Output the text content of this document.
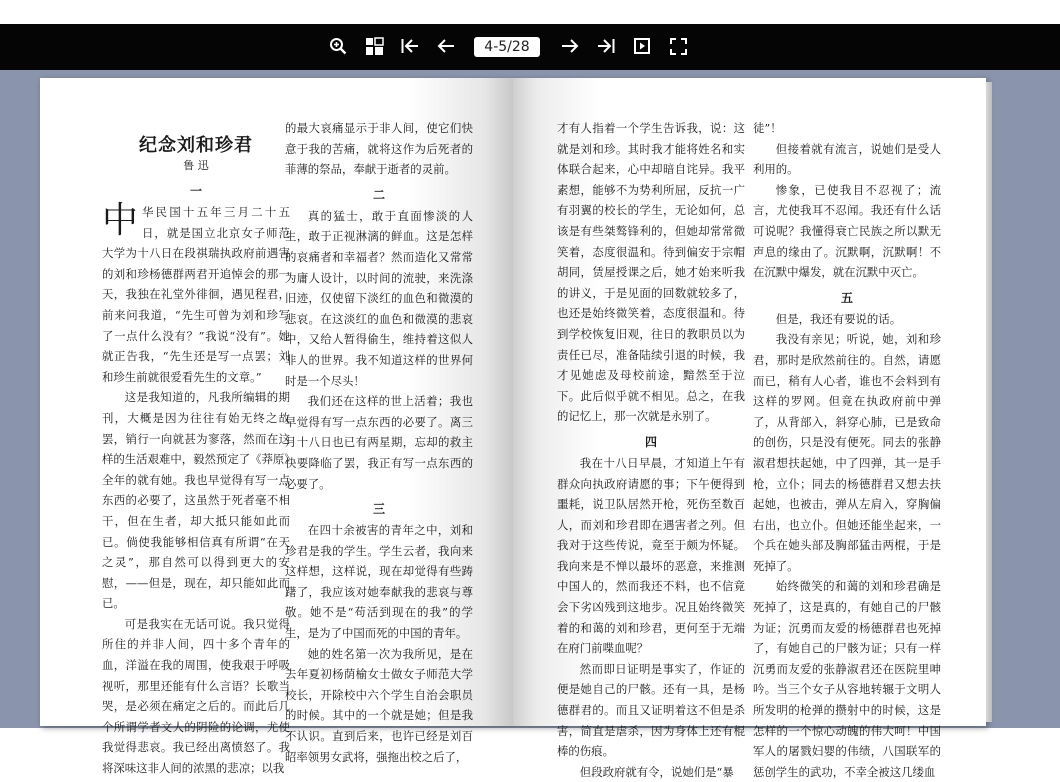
4-5/28
纪念刘和珍君
鲁 迅
一

中华民国十五年三月二十五日，就是国立北京女子师范大学为十八日在段祺瑞执政府前遇害的刘和珍杨德群两君开追悼会的那一天，我独在礼堂外徘徊，遇见程君，前来问我道，“先生可曾为刘和珍写了一点什么没有？”我说“没有”。她就正告我，“先生还是写一点罢；刘和珍生前就很爱看先生的文章。”

这是我知道的，凡我所编辑的期刊，大概是因为往往有始无终之故罢，销行一向就甚为寥落，然而在这样的生活艰难中，毅然预定了《莽原》全年的就有她。我也早觉得有写一点东西的必要了，这虽然于死者毫不相干，但在生者，却大抵只能如此而已。倘使我能够相信真有所谓“在天之灵”，那自然可以得到更大的安慰，——但是，现在，却只能如此而已。

可是我实在无话可说。我只觉得所住的并非人间，四十多个青年的血，洋溢在我的周围，使我艰于呼吸视听，那里还能有什么言语？长歌当哭，是必须在痛定之后的。而此后几个所谓学者文人的阴险的论调，尤使我觉得悲哀。我已经出离愤怒了。我将深味这非人间的浓黑的悲凉；以我

的最大哀痛显示于非人间，使它们快意于我的苦痛，就将这作为后死者的菲薄的祭品，奉献于逝者的灵前。

二

真的猛士，敢于直面惨淡的人生，敢于正视淋漓的鲜血。这是怎样的哀痛者和幸福者？然而造化又常常为庸人设计，以时间的流驶，来洗涤旧迹，仅使留下淡红的血色和微漠的悲哀。在这淡红的血色和微漠的悲哀中，又给人暂得偷生，维持着这似人非人的世界。我不知道这样的世界何时是一个尽头！

我们还在这样的世上活着；我也早觉得有写一点东西的必要了。离三月十八日也已有两星期，忘却的救主快要降临了罢，我正有写一点东西的必要了。

三

在四十余被害的青年之中，刘和珍君是我的学生。学生云者，我向来这样想，这样说，现在却觉得有些踌躇了，我应该对她奉献我的悲哀与尊敬。她不是“苟活到现在的我”的学生，是为了中国而死的中国的青年。

她的姓名第一次为我所见，是在去年夏初杨荫榆女士做女子师范大学校长，开除校中六个学生自治会职员的时候。其中的一个就是她；但是我不认识。直到后来，也许已经是刘百昭率领男女武将，强拖出校之后了，

才有人指着一个学生告诉我，说：这就是刘和珍。其时我才能将姓名和实体联合起来，心中却暗自诧异。我平素想，能够不为势利所屈，反抗一广有羽翼的校长的学生，无论如何，总该是有些桀骜锋利的，但她却常常微笑着，态度很温和。待到偏安于宗帽胡同，赁屋授课之后，她才始来听我的讲义，于是见面的回数就较多了，也还是始终微笑着，态度很温和。待到学校恢复旧观，往日的教职员以为责任已尽，准备陆续引退的时候，我才见她虑及母校前途，黯然至于泣下。此后似乎就不相见。总之，在我的记忆上，那一次就是永别了。

四

我在十八日早晨，才知道上午有群众向执政府请愿的事；下午便得到噩耗，说卫队居然开枪，死伤至数百人，而刘和珍君即在遇害者之列。但我对于这些传说，竟至于颇为怀疑。我向来是不惮以最坏的恶意，来推测中国人的，然而我还不料，也不信竟会下劣凶残到这地步。况且始终微笑着的和蔼的刘和珍君，更何至于无端在府门前喋血呢？

然而即日证明是事实了，作证的便是她自己的尸骸。还有一具，是杨德群君的。而且又证明着这不但是杀害，简直是虐杀，因为身体上还有棍棒的伤痕。

但段政府就有令，说她们是“暴

徒”！

但接着就有流言，说她们是受人利用的。

惨象，已使我目不忍视了；流言，尤使我耳不忍闻。我还有什么话可说呢？我懂得衰亡民族之所以默无声息的缘由了。沉默啊，沉默啊！不在沉默中爆发，就在沉默中灭亡。

五

但是，我还有要说的话。

我没有亲见；听说，她，刘和珍君，那时是欣然前往的。自然，请愿而已，稍有人心者，谁也不会料到有这样的罗网。但竟在执政府前中弹了，从背部入，斜穿心肺，已是致命的创伤，只是没有便死。同去的张静淑君想扶起她，中了四弹，其一是手枪，立仆；同去的杨德群君又想去扶起她，也被击，弹从左肩入，穿胸偏右出，也立仆。但她还能坐起来，一个兵在她头部及胸部猛击两棍，于是死掉了。

始终微笑的和蔼的刘和珍君确是死掉了，这是真的，有她自己的尸骸为证；沉勇而友爱的杨德群君也死掉了，有她自己的尸骸为证；只有一样沉勇而友爱的张静淑君还在医院里呻吟。当三个女子从容地转辗于文明人所发明的枪弹的攒射中的时候，这是怎样的一个惊心动魄的伟大呵！中国军人的屠戮妇婴的伟绩，八国联军的惩创学生的武功，不幸全被这几缕血
